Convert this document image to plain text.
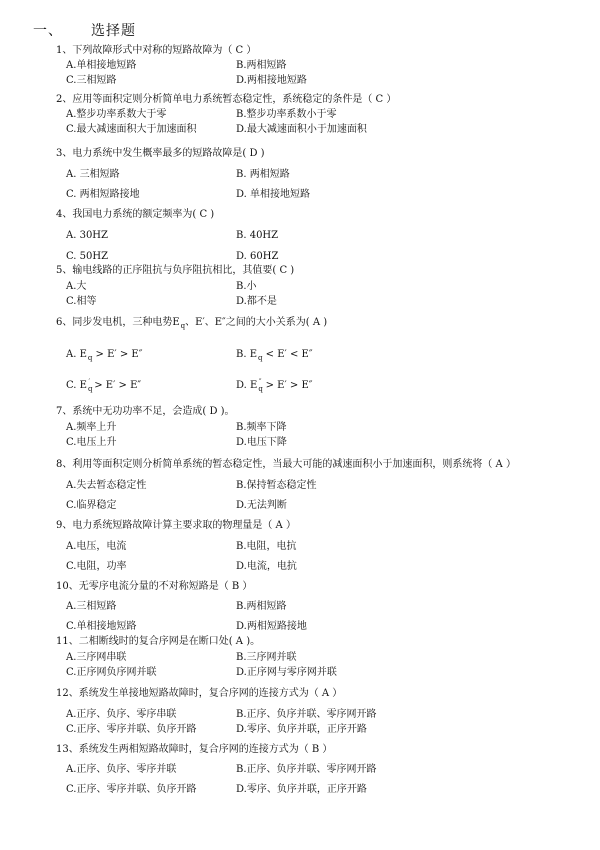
一、 选择题
1、下列故障形式中对称的短路故障为（ C ）
A.单相接地短路	B.两相短路
C.三相短路	D.两相接地短路
2、应用等面积定则分析简单电力系统暂态稳定性，系统稳定的条件是（ C ）
A.整步功率系数大于零	B.整步功率系数小于零
C.最大减速面积大于加速面积	D.最大减速面积小于加速面积
3、电力系统中发生概率最多的短路故障是( D )
A. 三相短路	B. 两相短路
C. 两相短路接地	D. 单相接地短路
4、我国电力系统的额定频率为( C )
A. 30HZ	B. 40HZ
C. 50HZ	D. 60HZ
5、输电线路的正序阻抗与负序阻抗相比，其值要( C )
A.大	B.小
C.相等	D.都不是
6、同步发电机，三种电势$E_q$、E′、E″之间的大小关系为( A )
A. $E_q > E' > E''$	B. $E_q < E' < E''$
C. $E_q' > E' > E''$	D. $E_q'' > E' > E''$
7、系统中无功功率不足，会造成( D )。
A.频率上升	B.频率下降
C.电压上升	D.电压下降
8、利用等面积定则分析简单系统的暂态稳定性，当最大可能的减速面积小于加速面积，则系统将（ A ）
A.失去暂态稳定性	B.保持暂态稳定性
C.临界稳定	D.无法判断
9、电力系统短路故障计算主要求取的物理量是（ A ）
A.电压，电流	B.电阻，电抗
C.电阻，功率	D.电流，电抗
10、无零序电流分量的不对称短路是（ B ）
A.三相短路	B.两相短路
C.单相接地短路	D.两相短路接地
11、二相断线时的复合序网是在断口处( A )。
A.三序网串联	B.三序网并联
C.正序网负序网并联	D.正序网与零序网并联
12、系统发生单接地短路故障时，复合序网的连接方式为（ A ）
A.正序、负序、零序串联	B.正序、负序并联、零序网开路
C.正序、零序并联、负序开路	D.零序、负序并联，正序开路
13、系统发生两相短路故障时，复合序网的连接方式为（ B ）
A.正序、负序、零序并联	B.正序、负序并联、零序网开路
C.正序、零序并联、负序开路	D.零序、负序并联，正序开路
